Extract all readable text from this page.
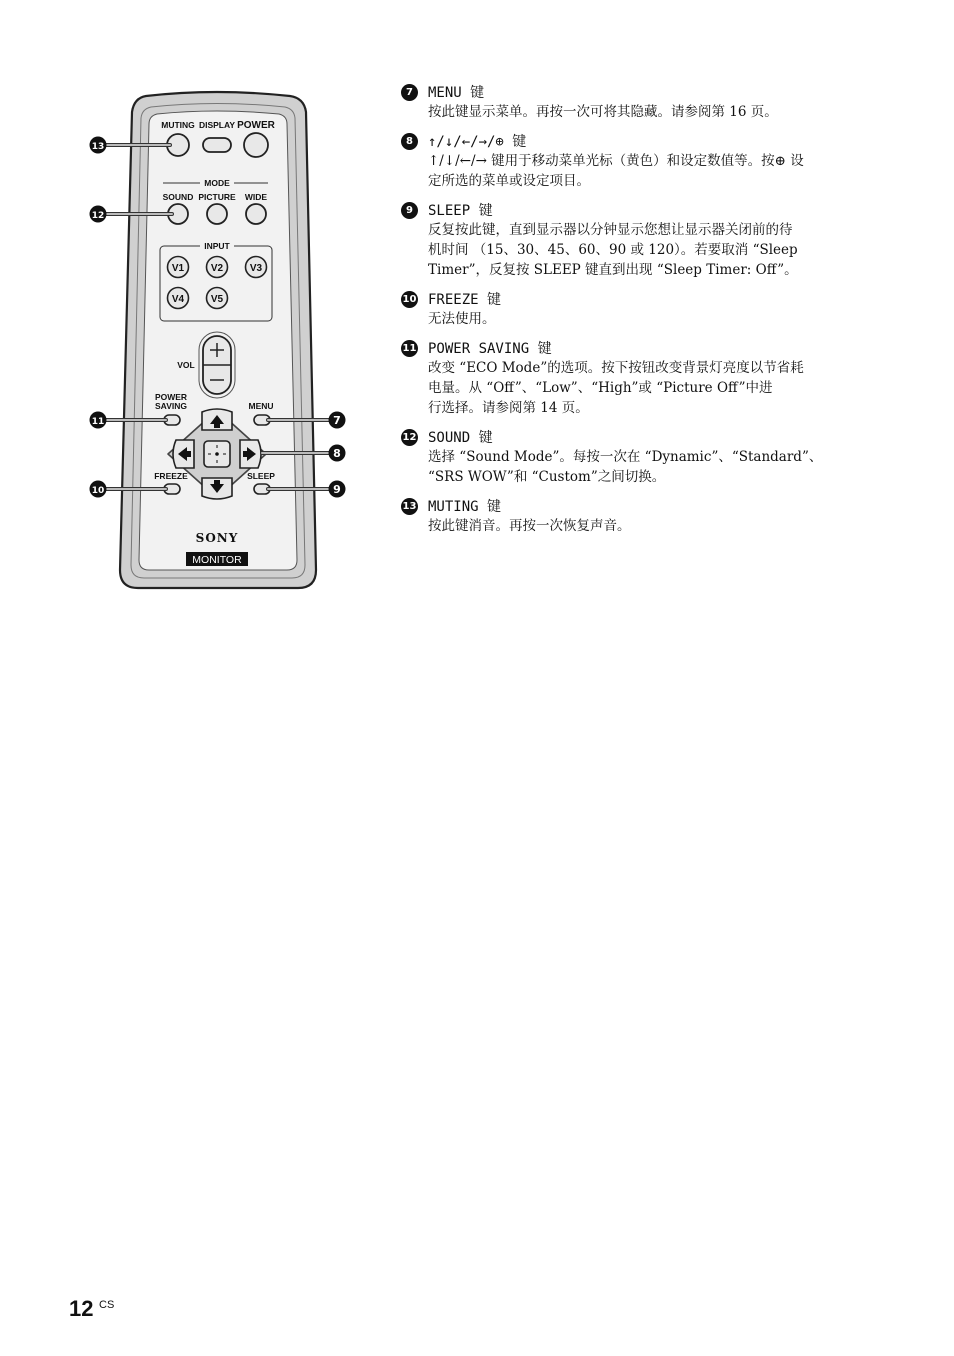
MUTING DISPLAY POWER
MODE
SOUND PICTURE WIDE
INPUT
V1	V2	V3
V4	V5
VOL
POWER
SAVING	MENU
FREEZE	SLEEP
SONY
MONITOR
13
12
11
10
7
8
9
7	MENU 键
按此键显示菜单。再按一次可将其隐藏。请参阅第 16 页。
8	↑/↓/←/→/⊕ 键
↑/↓/←/→ 键用于移动菜单光标（黄色）和设定数值等。按⊕ 设
定所选的菜单或设定项目。
9	SLEEP 键
反复按此键，直到显示器以分钟显示您想让显示器关闭前的待
机时间 （15、30、45、60、90 或 120）。若要取消 “Sleep
Timer”，反复按 SLEEP 键直到出现 “Sleep Timer: Off”。
10 FREEZE 键
无法使用。
11 POWER SAVING 键
改变 “ECO Mode”的选项。按下按钮改变背景灯亮度以节省耗
电量。从 “Off”、“Low”、“High”或 “Picture Off”中进
行选择。请参阅第 14 页。
12 SOUND 键
选择 “Sound Mode”。每按一次在 “Dynamic”、“Standard”、
“SRS WOW”和 “Custom”之间切换。
13 MUTING 键
按此键消音。再按一次恢复声音。
12 CS
